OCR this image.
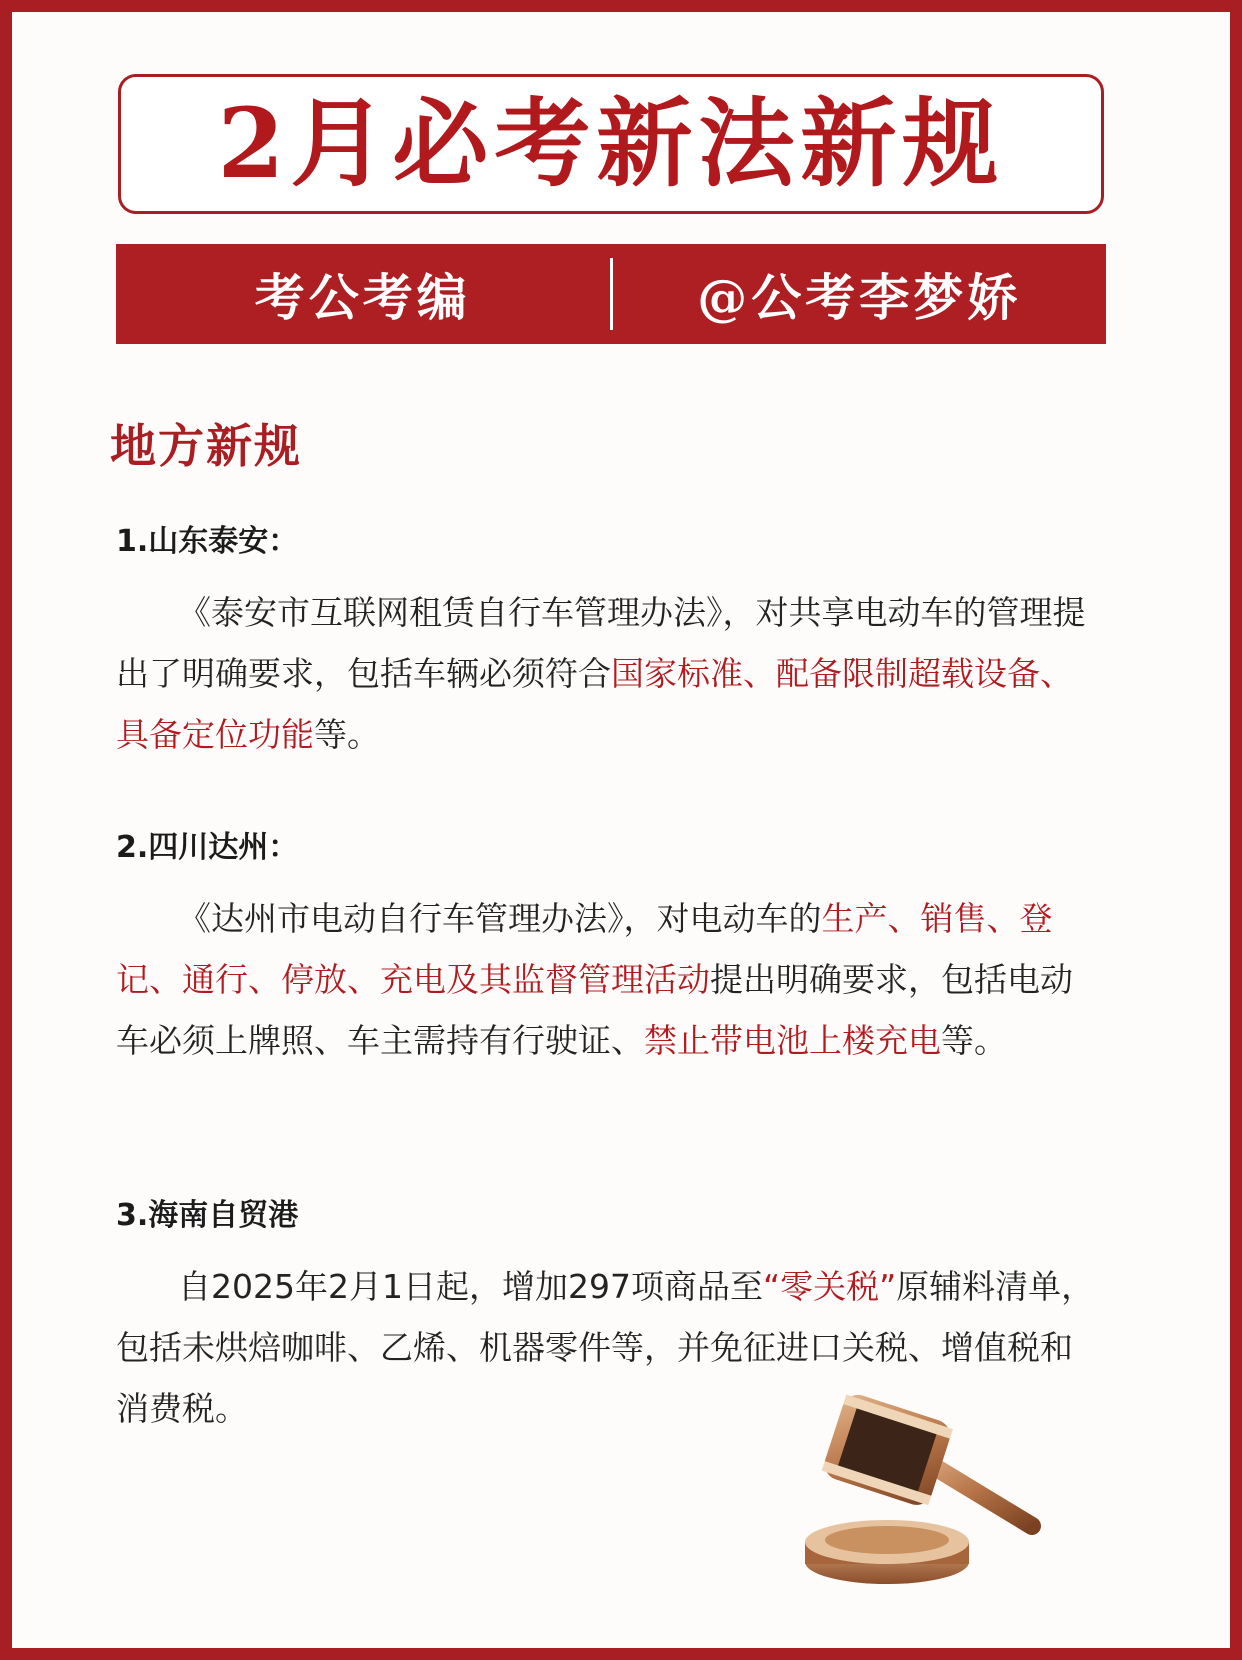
2月必考新法新规
考公考编	@公考李梦娇
地方新规
1.山东泰安：

《泰安市互联网租赁自行车管理办法》，对共享电动车的管理提出了明确要求，包括车辆必须符合国家标准、配备限制超载设备、具备定位功能等。

2.四川达州：

《达州市电动自行车管理办法》，对电动车的生产、销售、登记、通行、停放、充电及其监督管理活动提出明确要求，包括电动车必须上牌照、车主需持有行驶证、禁止带电池上楼充电等。

3.海南自贸港

自2025年2月1日起，增加297项商品至“零关税”原辅料清单，包括未烘焙咖啡、乙烯、机器零件等，并免征进口关税、增值税和消费税。
